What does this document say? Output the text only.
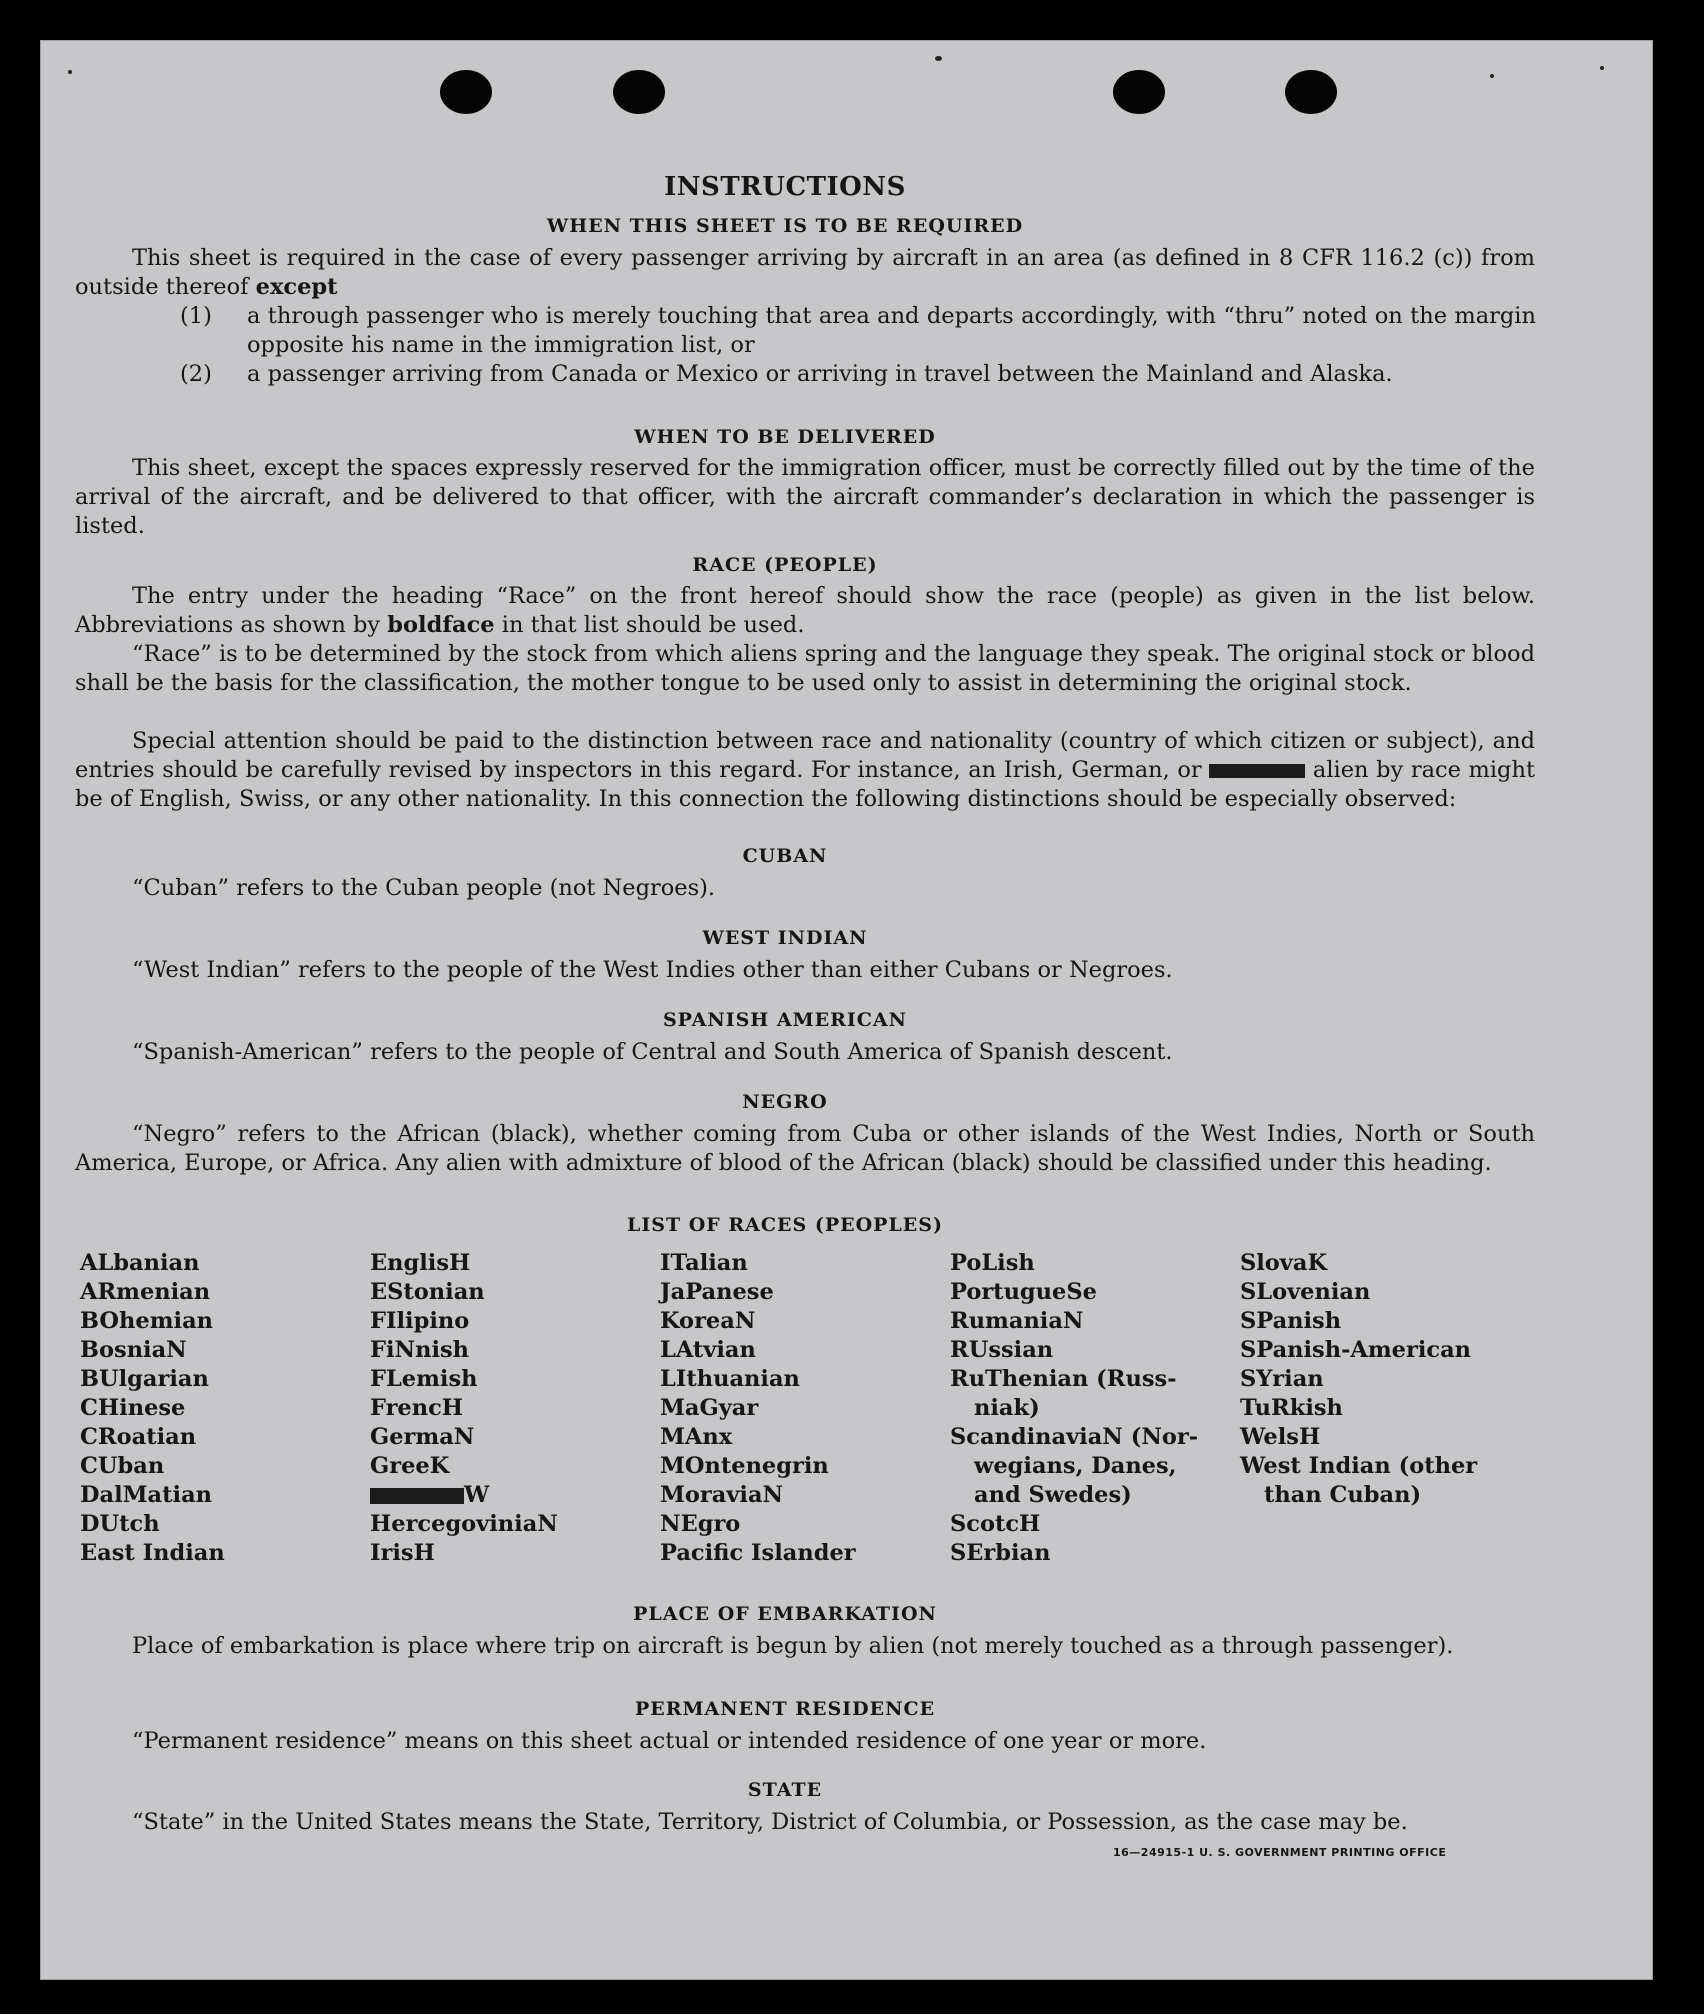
INSTRUCTIONS
WHEN THIS SHEET IS TO BE REQUIRED
This sheet is required in the case of every passenger arriving by aircraft in an area (as defined in 8 CFR 116.2 (c)) from outside thereof except
(1)	a through passenger who is merely touching that area and departs accordingly, with “thru” noted on the margin opposite his name in the immigration list, or
(2)	a passenger arriving from Canada or Mexico or arriving in travel between the Mainland and Alaska.
WHEN TO BE DELIVERED
This sheet, except the spaces expressly reserved for the immigration officer, must be correctly filled out by the time of the arrival of the aircraft, and be delivered to that officer, with the aircraft commander’s declaration in which the passenger is listed.
RACE (PEOPLE)
The entry under the heading “Race” on the front hereof should show the race (people) as given in the list below. Abbreviations as shown by boldface in that list should be used.
“Race” is to be determined by the stock from which aliens spring and the language they speak. The original stock or blood shall be the basis for the classification, the mother tongue to be used only to assist in determining the original stock.
Special attention should be paid to the distinction between race and nationality (country of which citizen or subject), and entries should be carefully revised by inspectors in this regard. For instance, an Irish, German, or	alien by race might be of English, Swiss, or any other nationality. In this connection the following distinctions should be especially observed:
CUBAN
“Cuban” refers to the Cuban people (not Negroes).
WEST INDIAN
“West Indian” refers to the people of the West Indies other than either Cubans or Negroes.
SPANISH AMERICAN
“Spanish-American” refers to the people of Central and South America of Spanish descent.
NEGRO
“Negro” refers to the African (black), whether coming from Cuba or other islands of the West Indies, North or South America, Europe, or Africa. Any alien with admixture of blood of the African (black) should be classified under this heading.
LIST OF RACES (PEOPLES)
ALbanian
ARmenian
BOhemian
BosniaN
BUlgarian
CHinese
CRoatian
CUban
DalMatian
DUtch
East Indian
EnglisH
EStonian
FIlipino
FiNnish
FLemish
FrencH
GermaN
GreeK
W
HercegoviniaN
IrisH
ITalian
JaPanese
KoreaN
LAtvian
LIthuanian
MaGyar
MAnx
MOntenegrin
MoraviaN
NEgro
Pacific Islander
PoLish
PortugueSe
RumaniaN
RUssian
RuThenian (Russ-
niak)
ScandinaviaN (Nor-
wegians, Danes,
and Swedes)
ScotcH
SErbian
SlovaK
SLovenian
SPanish
SPanish-American
SYrian
TuRkish
WelsH
West Indian (other
than Cuban)
PLACE OF EMBARKATION
Place of embarkation is place where trip on aircraft is begun by alien (not merely touched as a through passenger).
PERMANENT RESIDENCE
“Permanent residence” means on this sheet actual or intended residence of one year or more.
STATE
“State” in the United States means the State, Territory, District of Columbia, or Possession, as the case may be.
16—24915-1 U. S. GOVERNMENT PRINTING OFFICE
